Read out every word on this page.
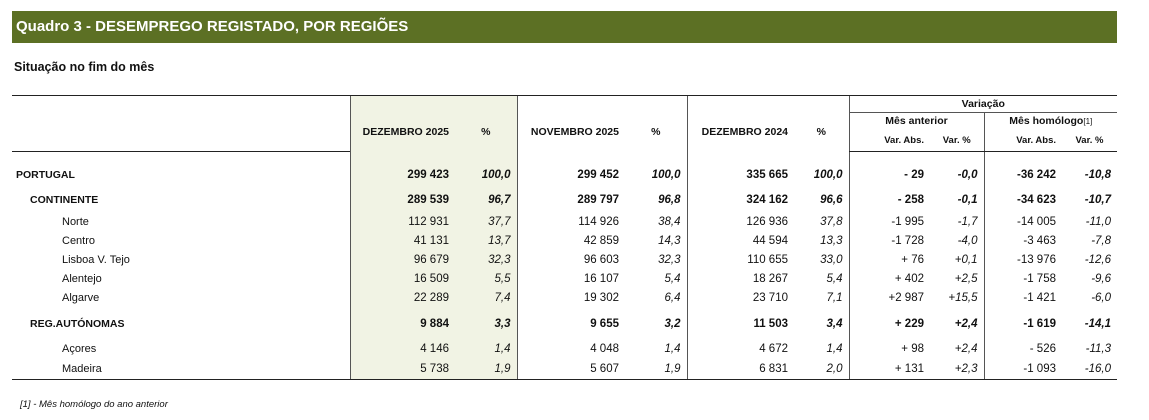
Quadro 3 - DESEMPREGO REGISTADO, POR REGIÕES
Situação no fim do mês
							Variação			
	DEZEMBRO 2025	%	NOVEMBRO 2025	%	DEZEMBRO 2024	%	Mês anterior		Mês homólogo[1]	
							Var. Abs.	Var. %	Var. Abs.	Var. %

PORTUGAL	299 423	100,0	299 452	100,0	335 665	100,0	- 29	-0,0	-36 242	-10,8
CONTINENTE	289 539	96,7	289 797	96,8	324 162	96,6	- 258	-0,1	-34 623	-10,7
Norte	112 931	37,7	114 926	38,4	126 936	37,8	-1 995	-1,7	-14 005	-11,0
Centro	41 131	13,7	42 859	14,3	44 594	13,3	-1 728	-4,0	-3 463	-7,8
Lisboa V. Tejo	96 679	32,3	96 603	32,3	110 655	33,0	+ 76	+0,1	-13 976	-12,6
Alentejo	16 509	5,5	16 107	5,4	18 267	5,4	+ 402	+2,5	-1 758	-9,6
Algarve	22 289	7,4	19 302	6,4	23 710	7,1	+2 987	+15,5	-1 421	-6,0
REG.AUTÓNOMAS	9 884	3,3	9 655	3,2	11 503	3,4	+ 229	+2,4	-1 619	-14,1
Açores	4 146	1,4	4 048	1,4	4 672	1,4	+ 98	+2,4	- 526	-11,3
Madeira	5 738	1,9	5 607	1,9	6 831	2,0	+ 131	+2,3	-1 093	-16,0
[1] - Mês homólogo do ano anterior
